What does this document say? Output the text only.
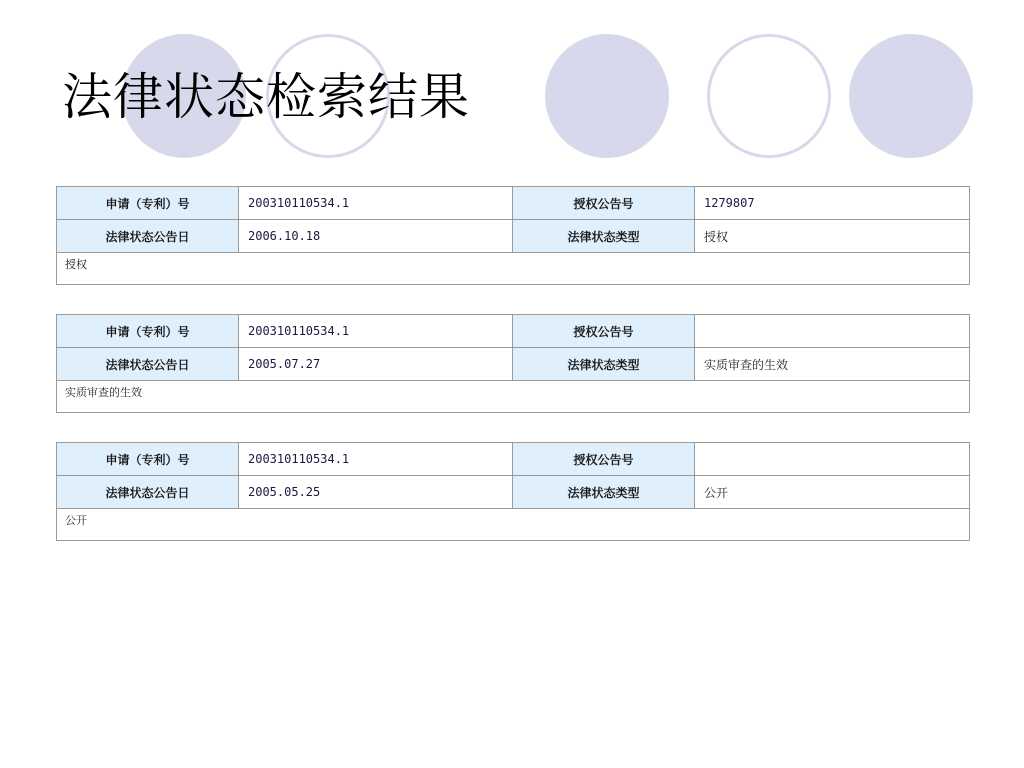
法律状态检索结果
申请（专利）号	200310110534.1	授权公告号	1279807
法律状态公告日	2006.10.18	法律状态类型	授权
授权			
申请（专利）号	200310110534.1	授权公告号	
法律状态公告日	2005.07.27	法律状态类型	实质审查的生效
实质审查的生效			
申请（专利）号	200310110534.1	授权公告号	
法律状态公告日	2005.05.25	法律状态类型	公开
公开			
